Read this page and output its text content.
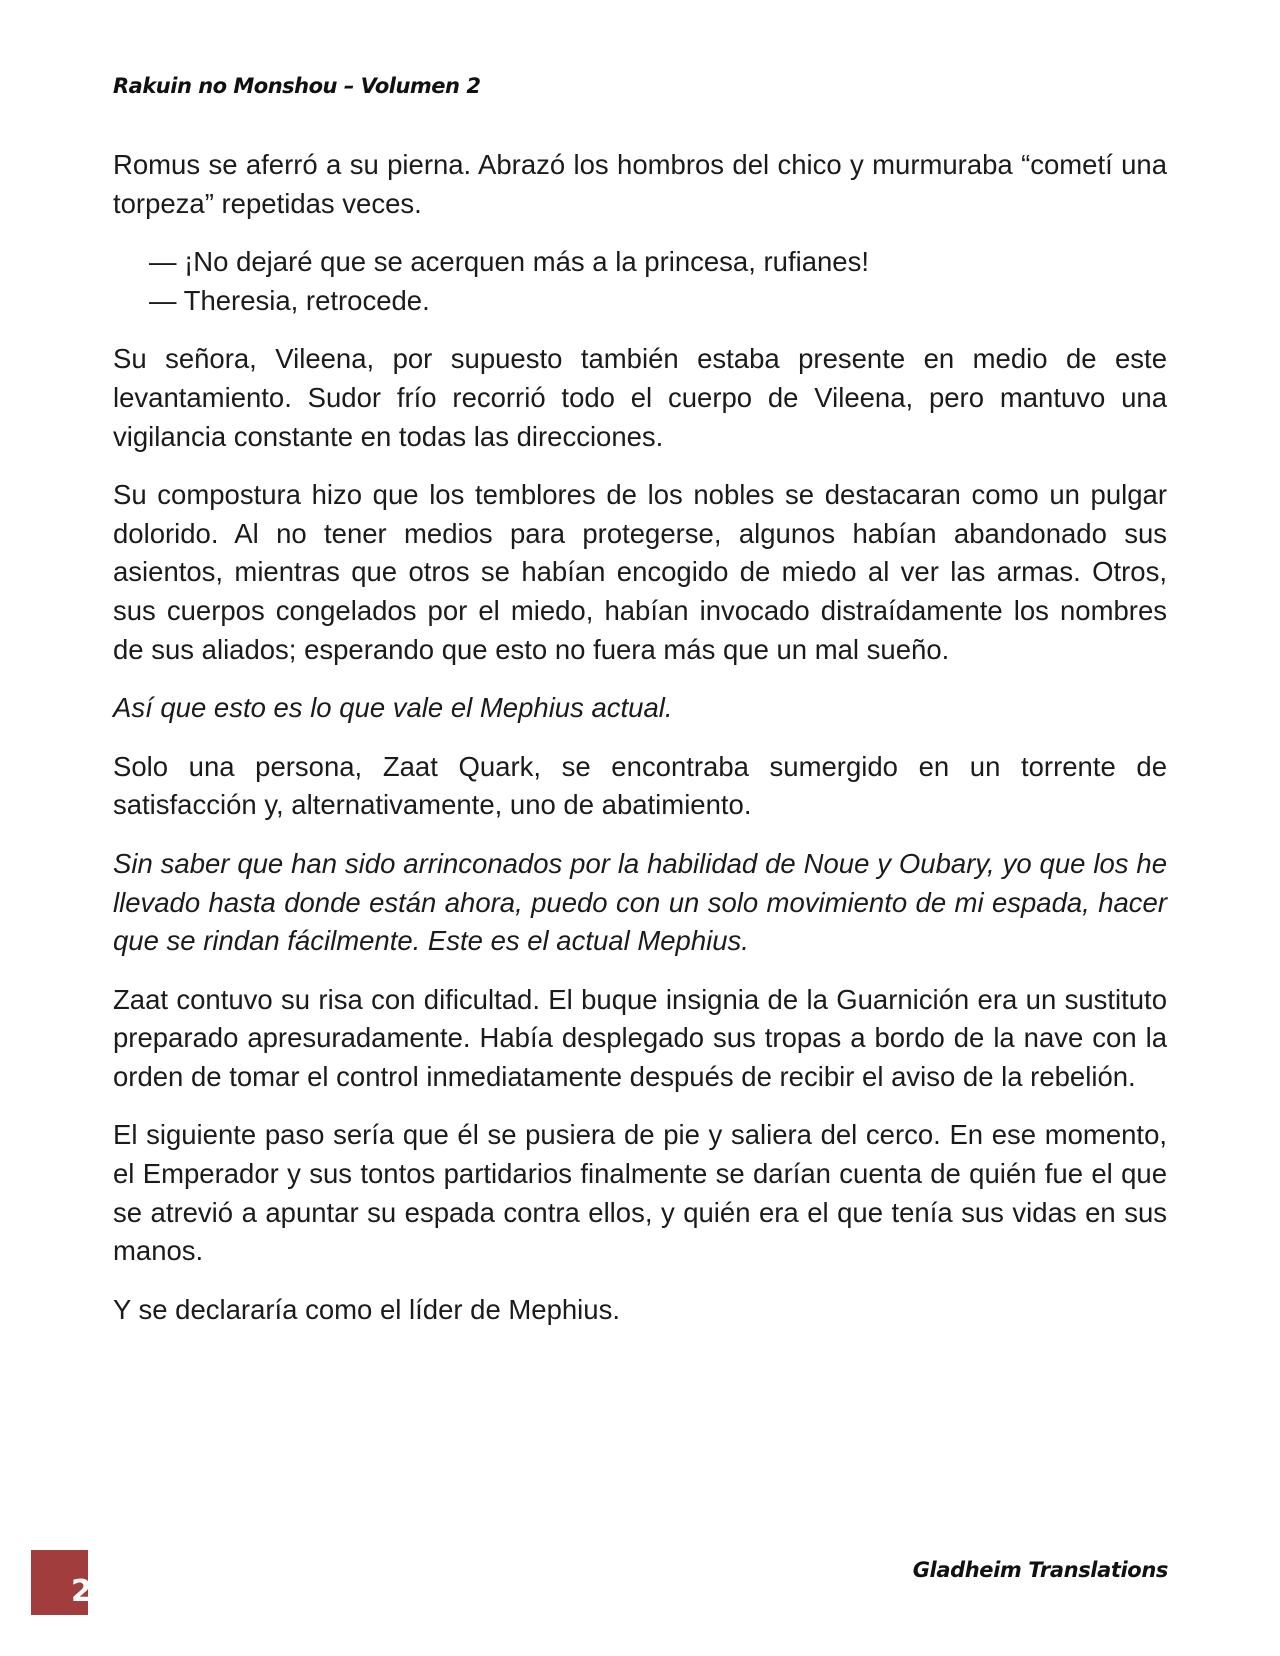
Rakuin no Monshou – Volumen 2

Romus se aferró a su pierna. Abrazó los hombros del chico y murmuraba “cometí una torpeza” repetidas veces.

— ¡No dejaré que se acerquen más a la princesa, rufianes!
— Theresia, retrocede.

Su señora, Vileena, por supuesto también estaba presente en medio de este levantamiento. Sudor frío recorrió todo el cuerpo de Vileena, pero mantuvo una vigilancia constante en todas las direcciones.

Su compostura hizo que los temblores de los nobles se destacaran como un pulgar dolorido. Al no tener medios para protegerse, algunos habían abandonado sus asientos, mientras que otros se habían encogido de miedo al ver las armas. Otros, sus cuerpos congelados por el miedo, habían invocado distraídamente los nombres de sus aliados; esperando que esto no fuera más que un mal sueño.

Así que esto es lo que vale el Mephius actual.

Solo una persona, Zaat Quark, se encontraba sumergido en un torrente de satisfacción y, alternativamente, uno de abatimiento.

Sin saber que han sido arrinconados por la habilidad de Noue y Oubary, yo que los he llevado hasta donde están ahora, puedo con un solo movimiento de mi espada, hacer que se rindan fácilmente. Este es el actual Mephius.

Zaat contuvo su risa con dificultad. El buque insignia de la Guarnición era un sustituto preparado apresuradamente. Había desplegado sus tropas a bordo de la nave con la orden de tomar el control inmediatamente después de recibir el aviso de la rebelión.

El siguiente paso sería que él se pusiera de pie y saliera del cerco. En ese momento, el Emperador y sus tontos partidarios finalmente se darían cuenta de quién fue el que se atrevió a apuntar su espada contra ellos, y quién era el que tenía sus vidas en sus manos.

Y se declararía como el líder de Mephius.

2
Gladheim Translations
